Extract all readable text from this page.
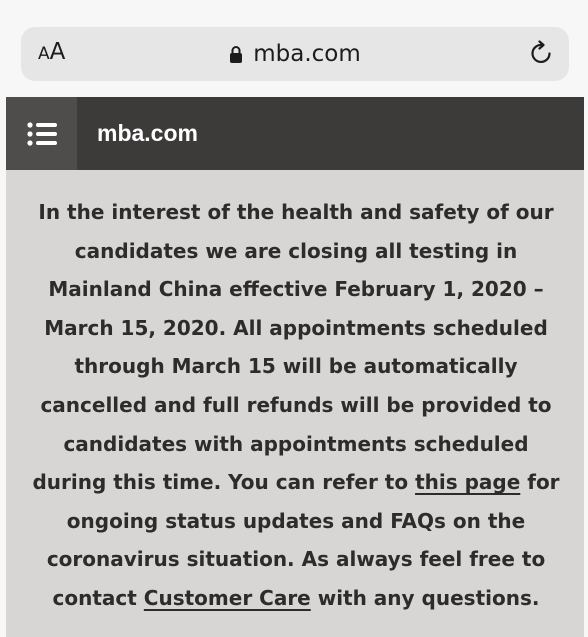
AA	mba.com
mba.com

In the interest of the health and safety of our candidates we are closing all testing in Mainland China effective February 1, 2020 – March 15, 2020. All appointments scheduled through March 15 will be automatically cancelled and full refunds will be provided to candidates with appointments scheduled during this time. You can refer to this page for ongoing status updates and FAQs on the coronavirus situation. As always feel free to contact Customer Care with any questions.
